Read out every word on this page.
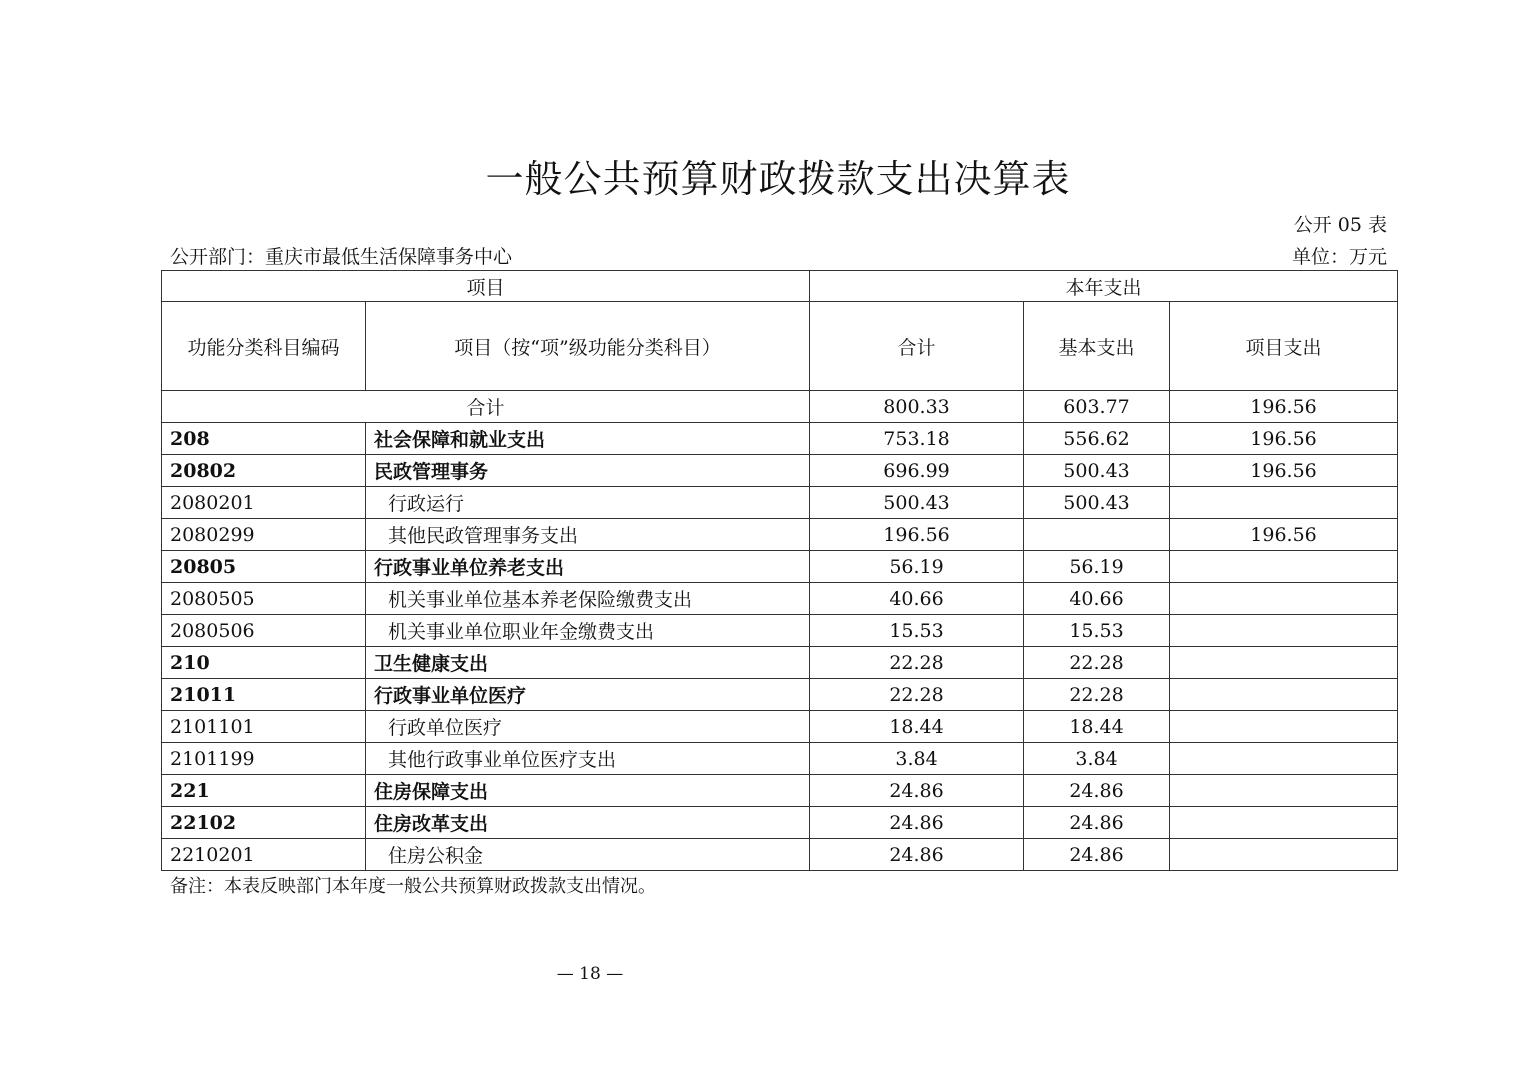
一般公共预算财政拨款支出决算表
公开 05 表
公开部门：重庆市最低生活保障事务中心	单位：万元
项目		本年支出		
功能分类科目编码	项目（按“项”级功能分类科目）	合计	基本支出	项目支出
合计		800.33	603.77	196.56
208	社会保障和就业支出	753.18	556.62	196.56
20802	民政管理事务	696.99	500.43	196.56
2080201	行政运行	500.43	500.43	
2080299	其他民政管理事务支出	196.56		196.56
20805	行政事业单位养老支出	56.19	56.19	
2080505	机关事业单位基本养老保险缴费支出	40.66	40.66	
2080506	机关事业单位职业年金缴费支出	15.53	15.53	
210	卫生健康支出	22.28	22.28	
21011	行政事业单位医疗	22.28	22.28	
2101101	行政单位医疗	18.44	18.44	
2101199	其他行政事业单位医疗支出	3.84	3.84	
221	住房保障支出	24.86	24.86	
22102	住房改革支出	24.86	24.86	
2210201	住房公积金	24.86	24.86	
备注：本表反映部门本年度一般公共预算财政拨款支出情况。
— 18 —
